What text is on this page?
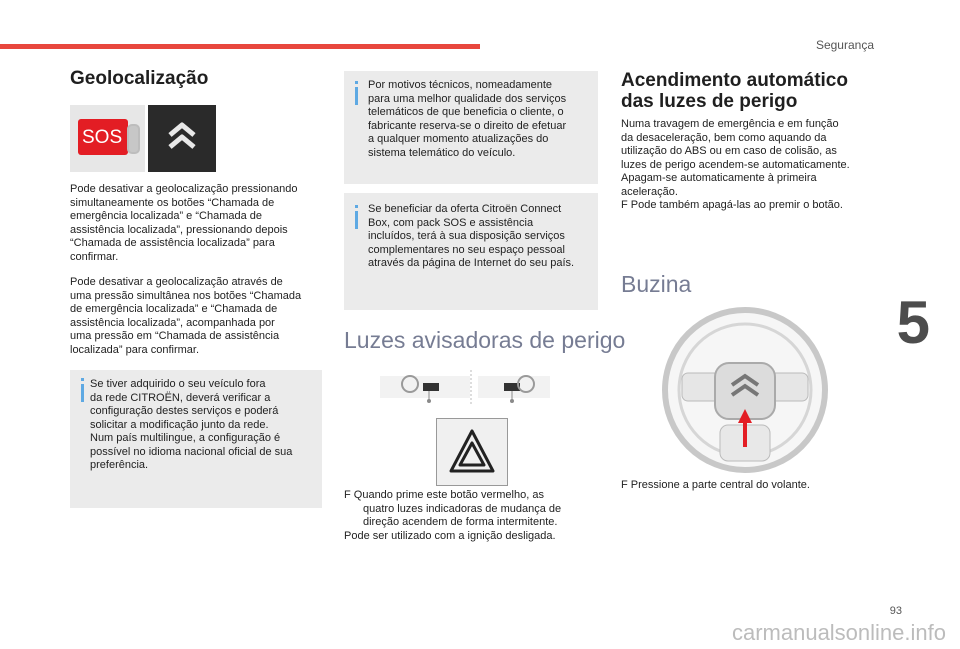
Segurança
5
93
carmanualsonline.info
Geolocalização
SOS

Pode desativar a geolocalização pressionando

simultaneamente os botões “Chamada de

emergência localizada” e “Chamada de

assistência localizada”, pressionando depois

“Chamada de assistência localizada” para

confirmar.

Pode desativar a geolocalização através de

uma pressão simultânea nos botões “Chamada

de emergência localizada” e “Chamada de

assistência localizada”, acompanhada por

uma pressão em “Chamada de assistência

localizada” para confirmar.

Se tiver adquirido o seu veículo fora

da rede CITROËN, deverá verificar a

configuração destes serviços e poderá

solicitar a modificação junto da rede.

Num país multilingue, a configuração é

possível no idioma nacional oficial de sua

preferência.

Por motivos técnicos, nomeadamente

para uma melhor qualidade dos serviços

telemáticos de que beneficia o cliente, o

fabricante reserva-se o direito de efetuar

a qualquer momento atualizações do

sistema telemático do veículo.

Se beneficiar da oferta Citroën Connect

Box, com pack SOS e assistência

incluídos, terá à sua disposição serviços

complementares no seu espaço pessoal

através da página de Internet do seu país.

Luzes avisadoras de perigo

F Quando prime este botão vermelho, as

quatro luzes indicadoras de mudança de

direção acendem de forma intermitente.

Pode ser utilizado com a ignição desligada.

Acendimento automático
das luzes de perigo

Numa travagem de emergência e em função

da desaceleração, bem como aquando da

utilização do ABS ou em caso de colisão, as

luzes de perigo acendem-se automaticamente.

Apagam-se automaticamente à primeira

aceleração.

F Pode também apagá-las ao premir o botão.

Buzina

F Pressione a parte central do volante.
